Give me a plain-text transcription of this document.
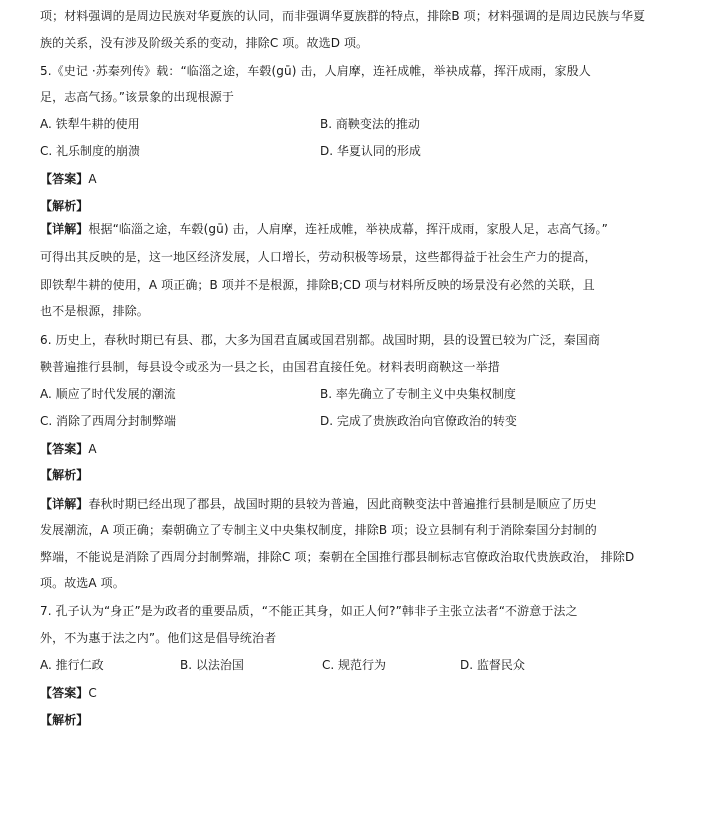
项；材料强调的是周边民族对华夏族的认同，而非强调华夏族群的特点，排除B 项；材料强调的是周边民族与华夏
族的关系，没有涉及阶级关系的变动，排除C 项。故选D 项。
5.《史记 ·苏秦列传》载：“临淄之途，车毂(gū) 击，人肩摩，连衽成帷，举袂成幕，挥汗成雨，家殷人
足，志高气扬。”该景象的出现根源于
A. 铁犁牛耕的使用	B. 商鞅变法的推动
C. 礼乐制度的崩溃	D. 华夏认同的形成
【答案】A
【解析】
【详解】根据“临淄之途，车毂(gū) 击，人肩摩，连衽成帷，举袂成幕，挥汗成雨，家殷人足，志高气扬。”
可得出其反映的是，这一地区经济发展，人口增长，劳动积极等场景，这些都得益于社会生产力的提高，
即铁犁牛耕的使用，A 项正确；B 项并不是根源，排除B;CD 项与材料所反映的场景没有必然的关联，且
也不是根源，排除。
6. 历史上，春秋时期已有县、郡，大多为国君直属或国君别都。战国时期，县的设置已较为广泛，秦国商
鞅普遍推行县制，每县设令或丞为一县之长，由国君直接任免。材料表明商鞅这一举措
A. 顺应了时代发展的潮流	B. 率先确立了专制主义中央集权制度
C. 消除了西周分封制弊端	D. 完成了贵族政治向官僚政治的转变
【答案】A
【解析】
【详解】春秋时期已经出现了郡县，战国时期的县较为普遍，因此商鞅变法中普遍推行县制是顺应了历史
发展潮流，A 项正确；秦朝确立了专制主义中央集权制度，排除B 项；设立县制有利于消除秦国分封制的
弊端，不能说是消除了西周分封制弊端，排除C 项；秦朝在全国推行郡县制标志官僚政治取代贵族政治， 排除D
项。故选A 项。
7. 孔子认为“身正”是为政者的重要品质，“不能正其身，如正人何?”韩非子主张立法者“不游意于法之
外，不为惠于法之内”。他们这是倡导统治者
A. 推行仁政	B. 以法治国	C. 规范行为	D. 监督民众
【答案】C
【解析】
